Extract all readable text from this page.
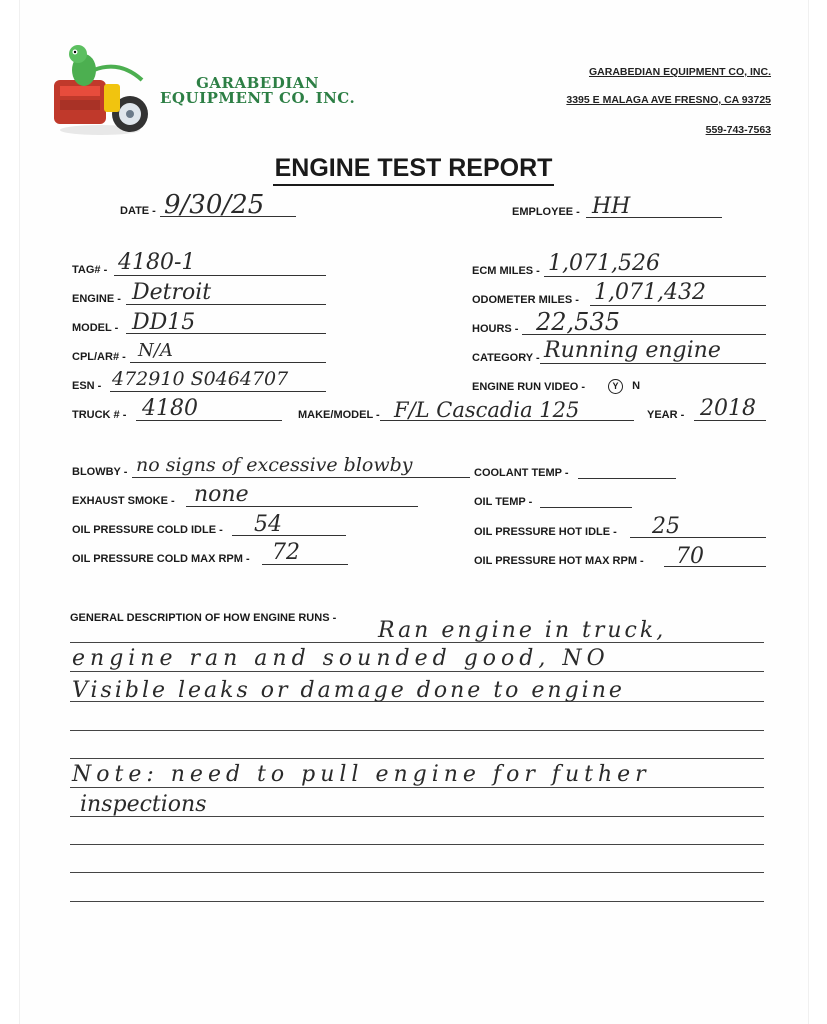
GARABEDIAN
EQUIPMENT CO. INC.
GARABEDIAN EQUIPMENT CO, INC.
3395 E MALAGA AVE FRESNO, CA 93725
559-743-7563
ENGINE TEST REPORT
DATE - 9/30/25	EMPLOYEE - HH
TAG# - 4180-1	ECM MILES - 1,071,526
ENGINE - Detroit	ODOMETER MILES - 1,071,432
MODEL - DD15	HOURS - 22,535
CPL/AR# - N/A	CATEGORY - Running engine
ESN - 472910 S0464707	ENGINE RUN VIDEO -	Y N
TRUCK # - 4180	MAKE/MODEL - F/L Cascadia 125	YEAR - 2018
BLOWBY - no signs of excessive blowby	COOLANT TEMP -
EXHAUST SMOKE - none	OIL TEMP -
OIL PRESSURE COLD IDLE - 54	OIL PRESSURE HOT IDLE - 25
OIL PRESSURE COLD MAX RPM - 72	OIL PRESSURE HOT MAX RPM - 70
GENERAL DESCRIPTION OF HOW ENGINE RUNS - Ran engine in truck,
engine ran and sounded good, NO
Visible leaks or damage done to engine
Note: need to pull engine for futher
inspections
